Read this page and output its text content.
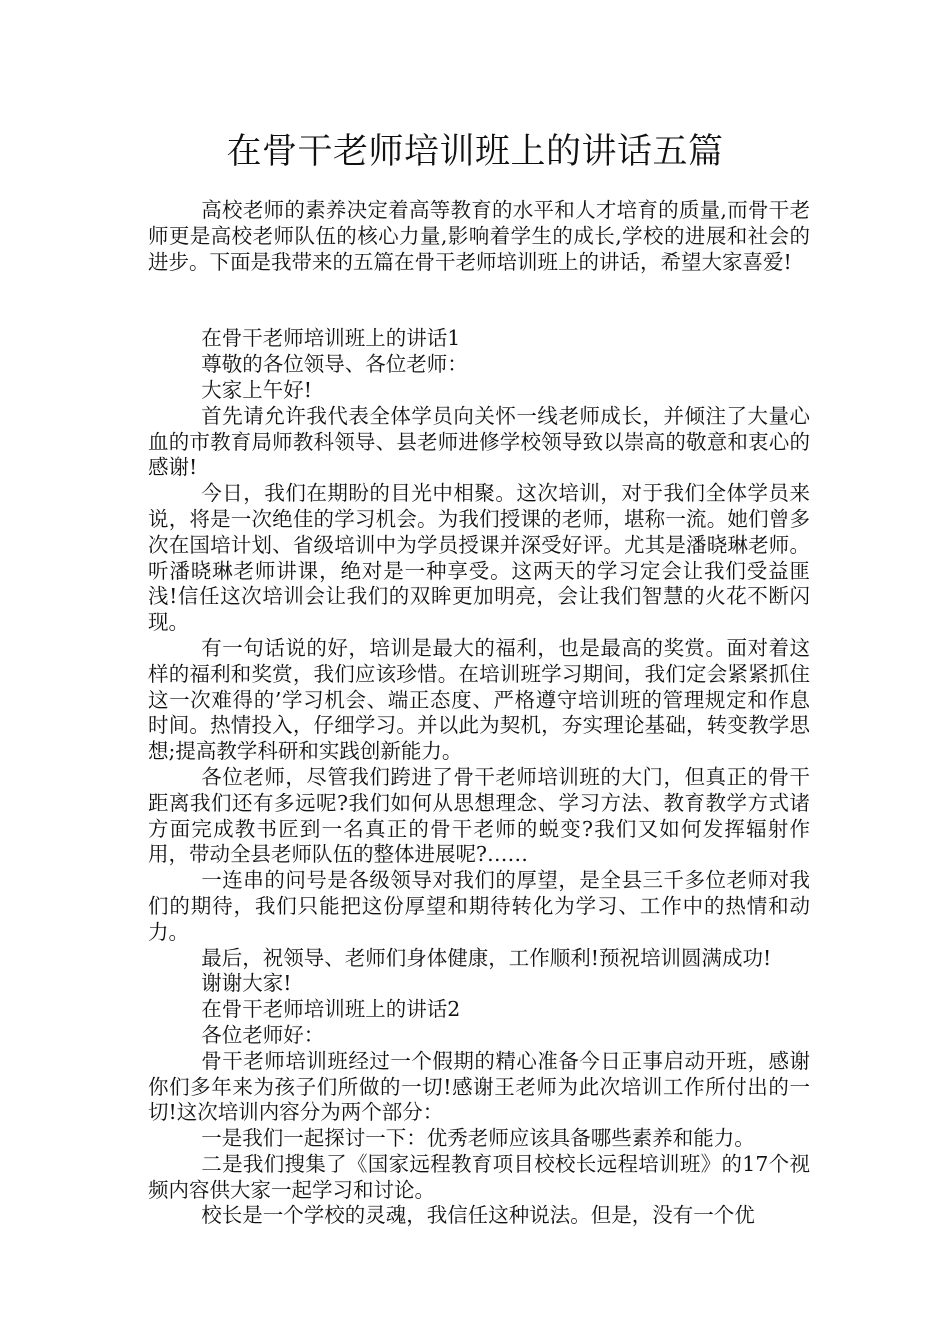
在骨干老师培训班上的讲话五篇

高校老师的素养决定着高等教育的水平和人才培育的质量,而骨干老师更是高校老师队伍的核心力量,影响着学生的成长,学校的进展和社会的进步。下面是我带来的五篇在骨干老师培训班上的讲话，希望大家喜爱!

在骨干老师培训班上的讲话1

尊敬的各位领导、各位老师：

大家上午好!

首先请允许我代表全体学员向关怀一线老师成长，并倾注了大量心血的市教育局师教科领导、县老师进修学校领导致以崇高的敬意和衷心的感谢!

今日，我们在期盼的目光中相聚。这次培训，对于我们全体学员来说，将是一次绝佳的学习机会。为我们授课的老师，堪称一流。她们曾多次在国培计划、省级培训中为学员授课并深受好评。尤其是潘晓琳老师。听潘晓琳老师讲课，绝对是一种享受。这两天的学习定会让我们受益匪浅!信任这次培训会让我们的双眸更加明亮，会让我们智慧的火花不断闪现。

有一句话说的好，培训是最大的福利，也是最高的奖赏。面对着这样的福利和奖赏，我们应该珍惜。在培训班学习期间，我们定会紧紧抓住这一次难得的’学习机会、端正态度、严格遵守培训班的管理规定和作息时间。热情投入，仔细学习。并以此为契机，夯实理论基础，转变教学思想;提高教学科研和实践创新能力。

各位老师，尽管我们跨进了骨干老师培训班的大门，但真正的骨干距离我们还有多远呢?我们如何从思想理念、学习方法、教育教学方式诸方面完成教书匠到一名真正的骨干老师的蜕变?我们又如何发挥辐射作用，带动全县老师队伍的整体进展呢?……

一连串的问号是各级领导对我们的厚望，是全县三千多位老师对我们的期待，我们只能把这份厚望和期待转化为学习、工作中的热情和动力。

最后，祝领导、老师们身体健康，工作顺利!预祝培训圆满成功!

谢谢大家!

在骨干老师培训班上的讲话2

各位老师好：

骨干老师培训班经过一个假期的精心准备今日正事启动开班，感谢你们多年来为孩子们所做的一切!感谢王老师为此次培训工作所付出的一切!这次培训内容分为两个部分：

一是我们一起探讨一下：优秀老师应该具备哪些素养和能力。

二是我们搜集了《国家远程教育项目校校长远程培训班》的17个视频内容供大家一起学习和讨论。

校长是一个学校的灵魂，我信任这种说法。但是，没有一个优
